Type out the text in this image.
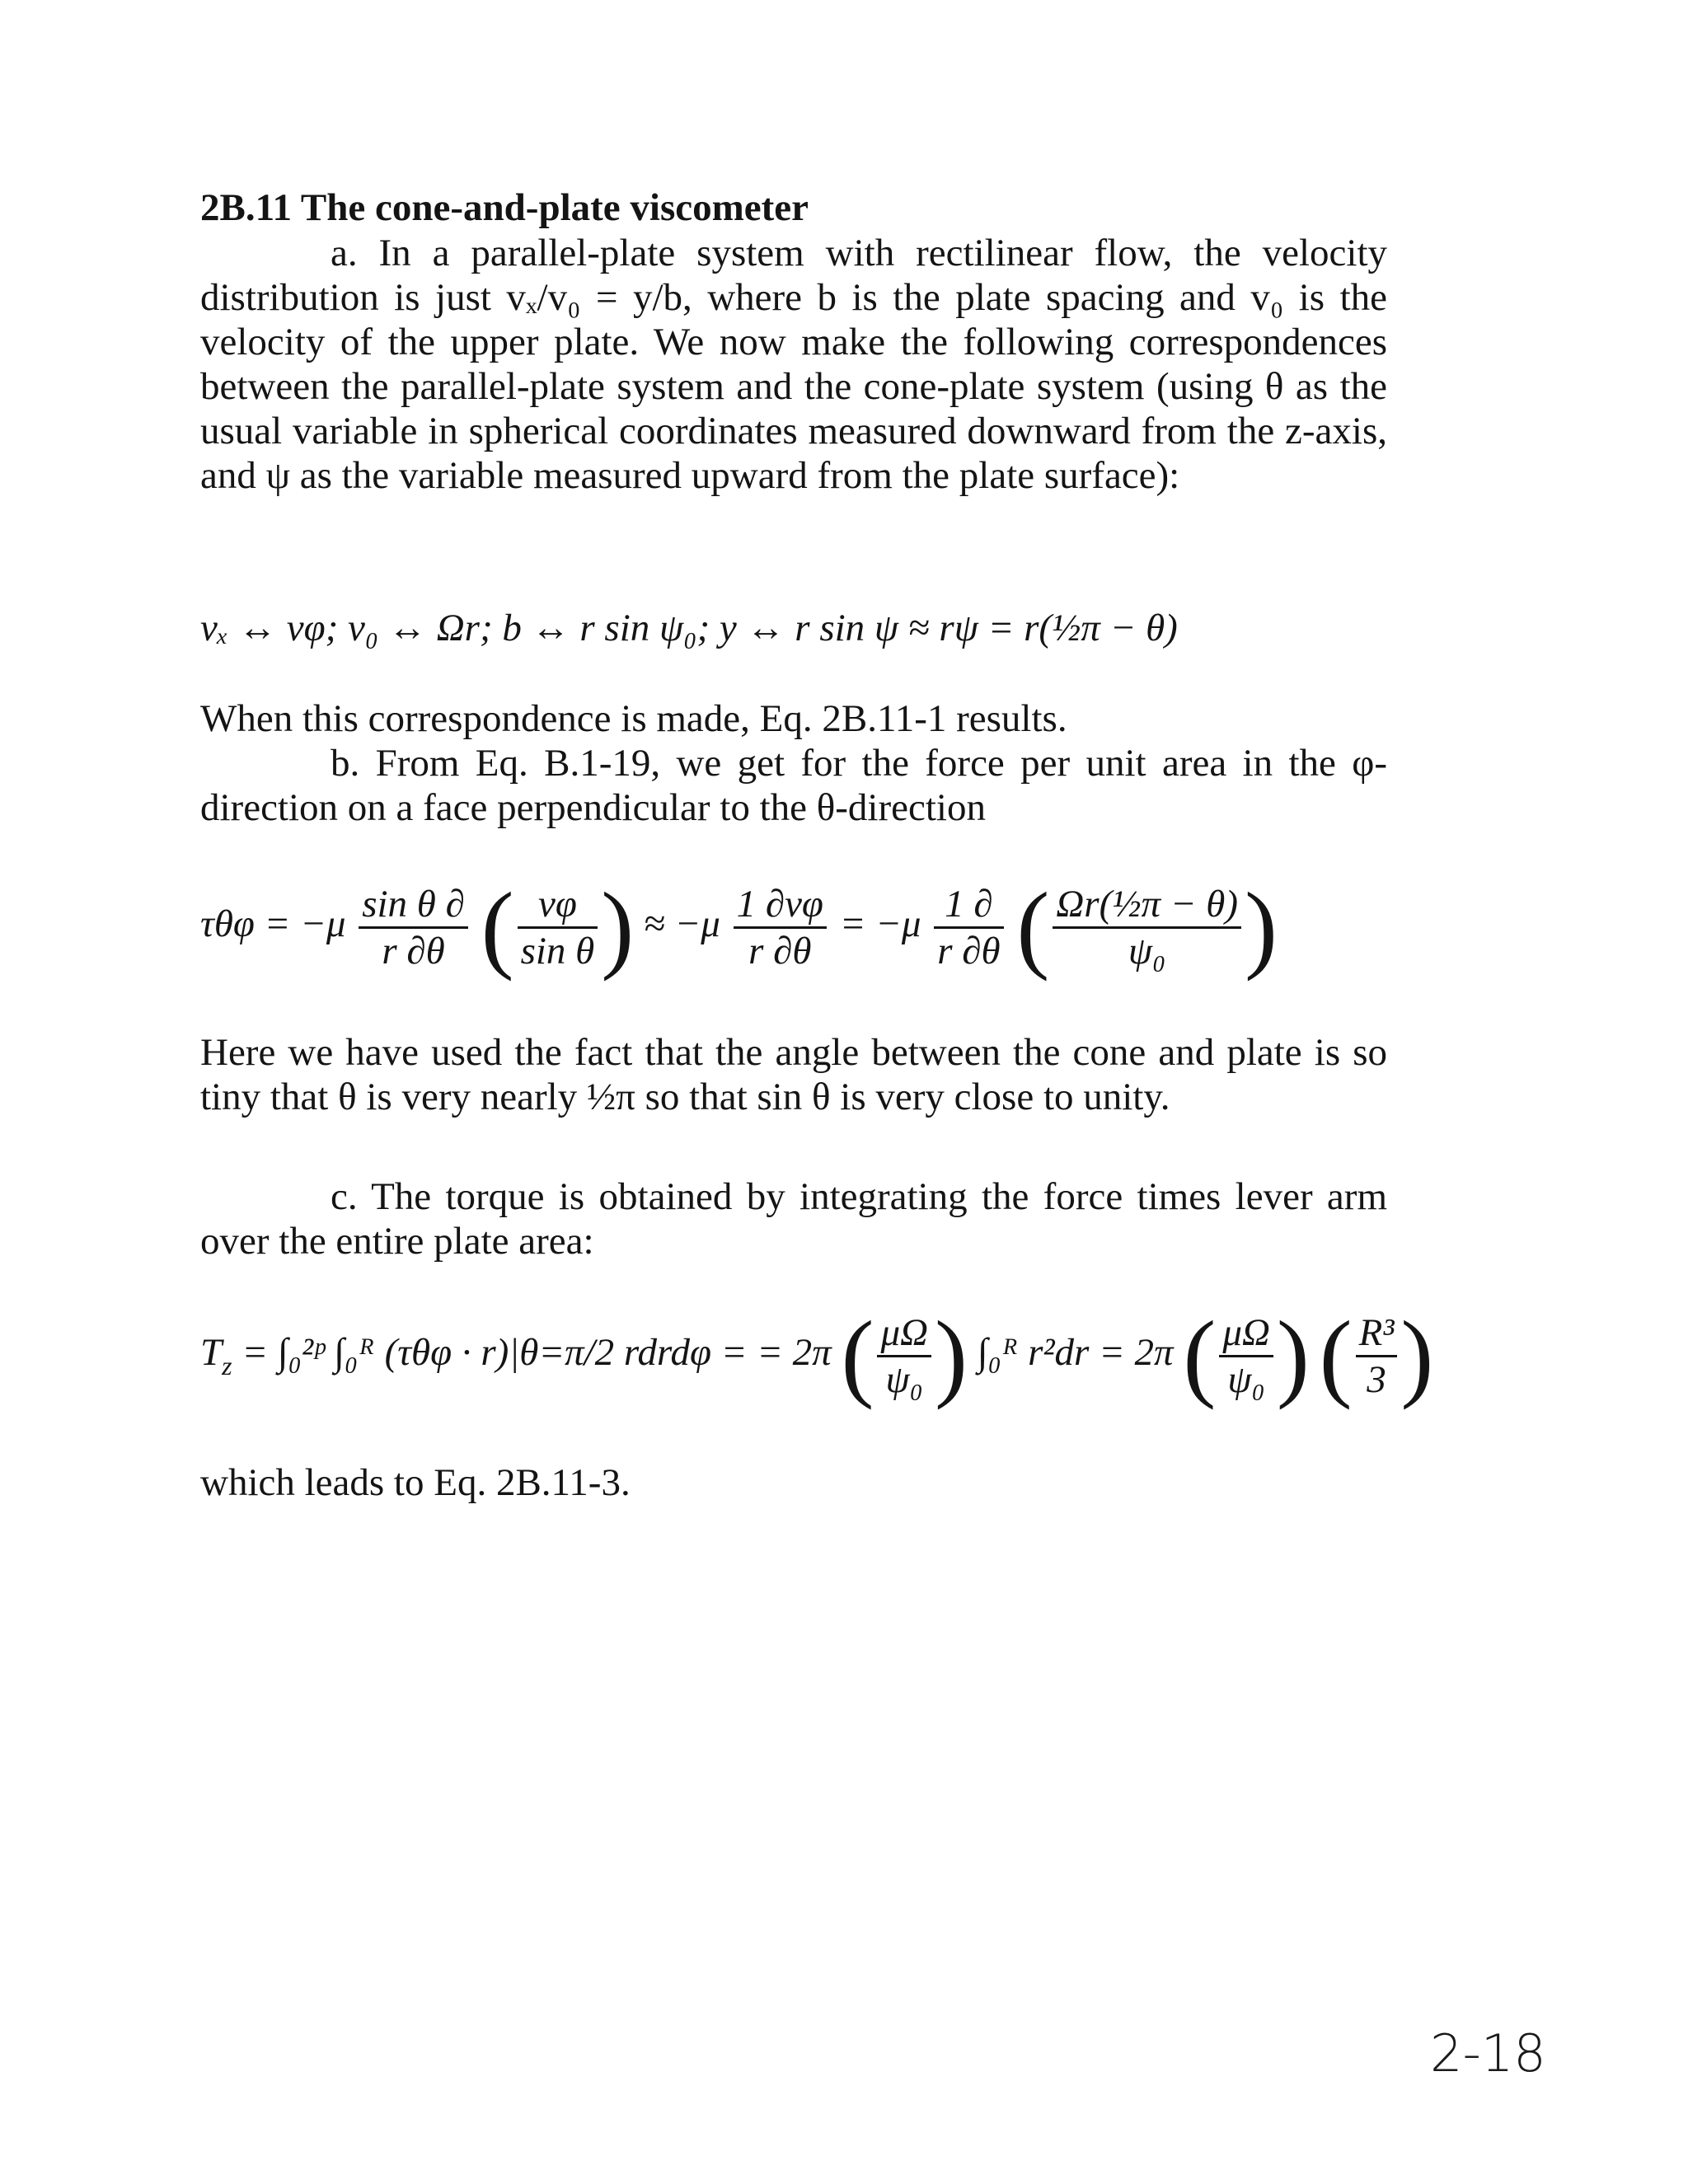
2B.11 The cone-and-plate viscometer

a. In a parallel-plate system with rectilinear flow, the velocity distribution is just vₓ/v₀ = y/b, where b is the plate spacing and v₀ is the velocity of the upper plate. We now make the following correspondences between the parallel-plate system and the cone-plate system (using θ as the usual variable in spherical coordinates measured downward from the z-axis, and ψ as the variable measured upward from the plate surface):

vₓ ↔ vφ; v₀ ↔ Ωr; b ↔ r sin ψ₀; y ↔ r sin ψ ≈ rψ = r(½π − θ)

When this correspondence is made, Eq. 2B.11-1 results.

b. From Eq. B.1-19, we get for the force per unit area in the φ-direction on a face perpendicular to the θ-direction

$\tau\theta\varphi = -\mu \frac{\text{sin θ ∂}}{r \partial\theta}$ ( $\frac{v\varphi}{\text{sin θ}}$ ) ≈ $-\mu \frac{1 \partial v\varphi}{r \partial\theta} = -\mu \frac{1 \partial}{r \partial\theta}$ ( $\frac{\text{Ωr(½π − θ)}}{\text{ψ₀}}$ )

Here we have used the fact that the angle between the cone and plate is so tiny that θ is very nearly ½π so that sin θ is very close to unity.

c. The torque is obtained by integrating the force times lever arm over the entire plate area:

$T_z$ = ∫₀²ᵖ ∫₀ᴿ (τθφ · r)|θ=π/2 rdrdφ = = 2π ( $\frac{\mu\Omega}{\text{ψ₀}}$ ) ∫₀ᴿ r²dr = 2π ( $\frac{\mu\Omega}{\text{ψ₀}}$ ) ( $\frac{\text{R³}}{3}$ )

which leads to Eq. 2B.11-3.

2-18
